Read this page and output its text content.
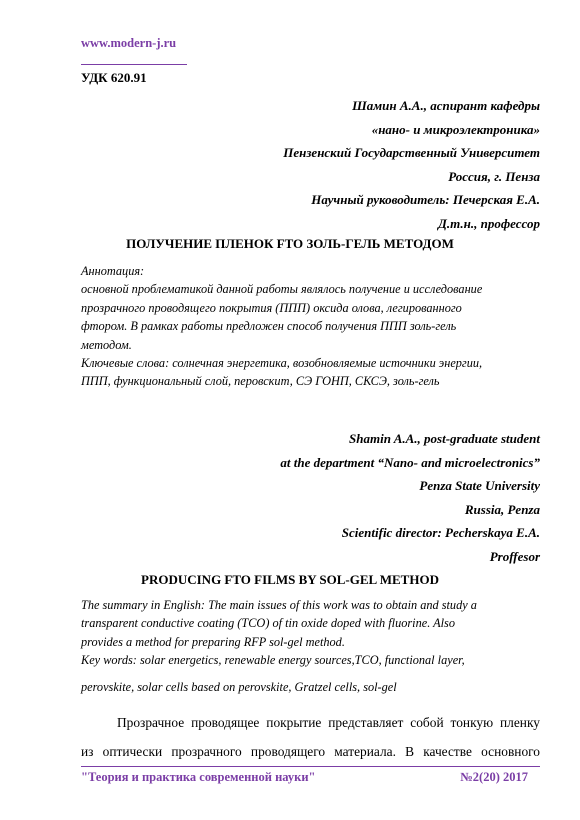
www.modern-j.ru
УДК 620.91
Шамин А.А., аспирант кафедры
«нано- и микроэлектроника»
Пензенский Государственный Университет
Россия, г. Пенза
Научный руководитель: Печерская Е.А.
Д.т.н., профессор
ПОЛУЧЕНИЕ ПЛЕНОК FTO ЗОЛЬ-ГЕЛЬ МЕТОДОМ
Аннотация:
основной проблематикой данной работы являлось получение и исследование
прозрачного проводящего покрытия (ППП) оксида олова, легированного
фтором. В рамках работы предложен способ получения ППП золь-гель
методом.
Ключевые слова: солнечная энергетика, возобновляемые источники энергии,
ППП, функциональный слой, перовскит, СЭ ГОНП, СКСЭ, золь-гель
Shamin A.A., post-graduate student
at the department “Nano- and microelectronics”
Penza State University
Russia, Penza
Scientific director: Pecherskaya E.A.
Proffesor
PRODUCING FTO FILMS BY SOL-GEL METHOD
The summary in English: The main issues of this work was to obtain and study a
transparent conductive coating (TCO) of tin oxide doped with fluorine. Also
provides a method for preparing RFP sol-gel method.
Key words: solar energetics, renewable energy sources,TCO, functional layer,
perovskite, solar cells based on perovskite, Gratzel cells, sol-gel
Прозрачное проводящее покрытие представляет собой тонкую пленку
из оптически прозрачного проводящего материала. В качестве основного
"Теория и практика современной науки"	№2(20) 2017
